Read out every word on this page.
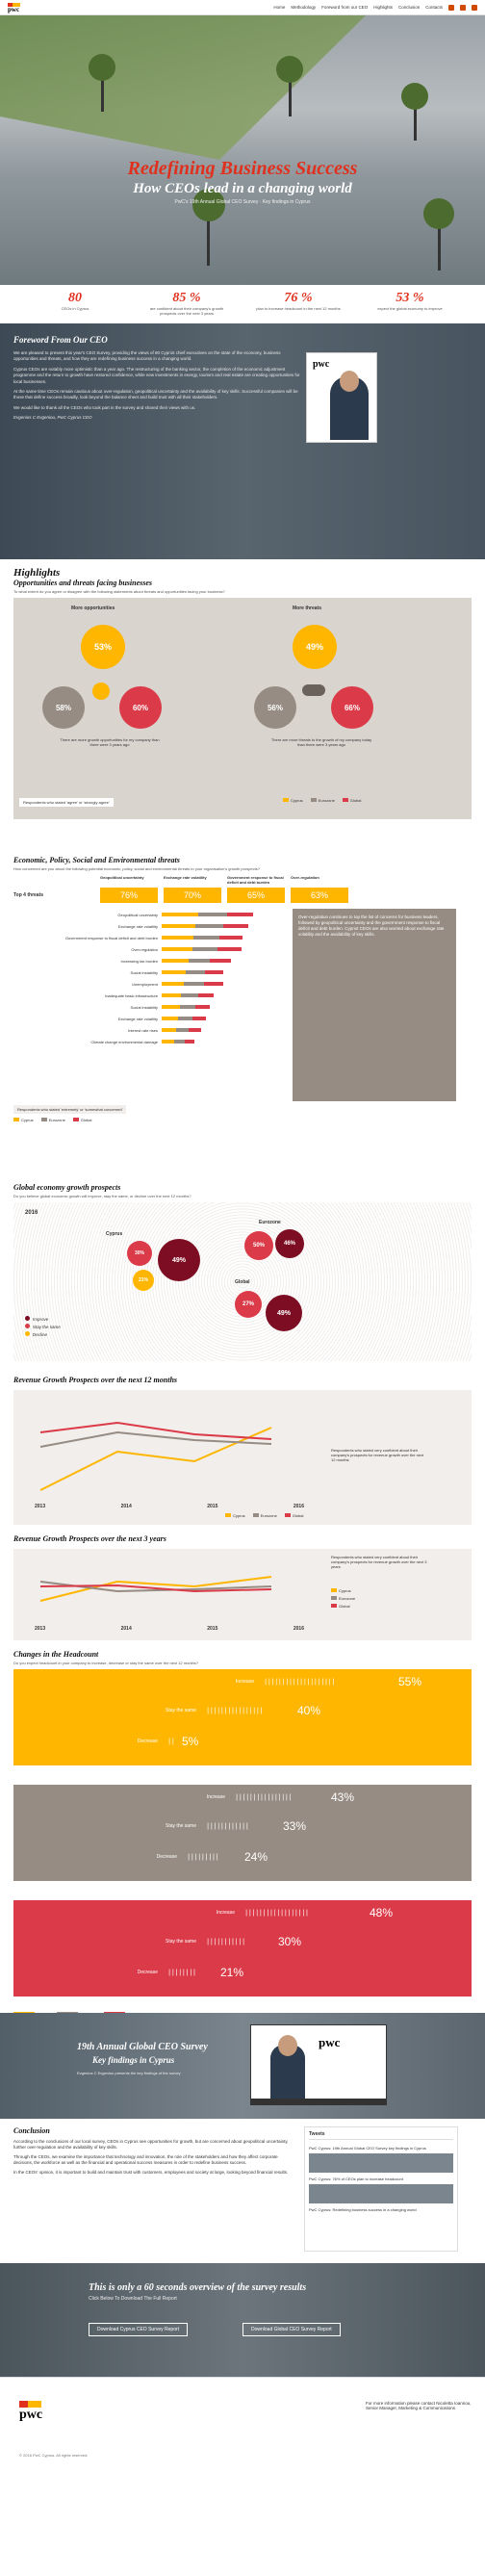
pwc	Home Methodology Foreword from our CEO Highlights Conclusion Contacts
Redefining Business Success
How CEOs lead in a changing world
PwC's 19th Annual Global CEO Survey · Key findings in Cyprus
80
CEOs in Cyprus
85 %
are confident about their company's growth prospects over the next 3 years
76 %
plan to increase headcount in the next 12 months
53 %
expect the global economy to improve
Foreword From Our CEO

We are pleased to present this year's CEO Survey, providing the views of 80 Cypriot chief executives on the state of the economy, business opportunities and threats, and how they are redefining business success in a changing world.

Cyprus CEOs are notably more optimistic than a year ago. The restructuring of the banking sector, the completion of the economic adjustment programme and the return to growth have restored confidence, while new investments in energy, tourism and real estate are creating opportunities for local businesses.

At the same time CEOs remain cautious about over-regulation, geopolitical uncertainty and the availability of key skills. Successful companies will be those that define success broadly, look beyond the balance sheet and build trust with all their stakeholders.

We would like to thank all the CEOs who took part in the survey and shared their views with us.

Evgenios C Evgeniou, PwC Cyprus CEO

pwc
Highlights
Opportunities and threats facing businesses
To what extent do you agree or disagree with the following statements about threats and opportunities facing your business?
More opportunities	More threats
53%
58%	60%
49%
56%	66%
There are more growth opportunities for my company than there were 3 years ago
There are more threats to the growth of my company today than there were 3 years ago
Respondents who stated 'agree' or 'strongly agree'	Cyprus	Eurozone	Global
Economic, Policy, Social and Environmental threats
How concerned are you about the following potential economic, policy, social and environmental threats to your organisation's growth prospects?
Geopolitical uncertainty	Exchange rate volatility	Government response to fiscal deficit and debt burden
Over-regulation
Top 4 threats	76%	70%	65%	63%
Geopolitical uncertainty
Exchange rate volatility
Government response to fiscal deficit and debt burden
Over-regulation
Increasing tax burden
Social instability
Unemployment
Inadequate basic infrastructure
Social instability
Exchange rate volatility
Interest rate rises
Climate change environmental damage
Over-regulation continues to top the list of concerns for business leaders, followed by geopolitical uncertainty and the government response to fiscal deficit and debt burden. Cypriot CEOs are also worried about exchange rate volatility and the availability of key skills.
Respondents who stated 'extremely' or 'somewhat concerned'
Cyprus	Eurozone	Global
Global economy growth prospects
Do you believe global economic growth will improve, stay the same, or decline over the next 12 months?
2016
Cyprus
49%
30%
21%
Eurozone
50%	46%
Global
27%
49%
Improve
Stay the same
Decline
Revenue Growth Prospects over the next 12 months
2013	2014	2015	2016
Respondents who stated very confident about their company's prospects for revenue growth over the next 12 months
Cyprus	Eurozone	Global
Revenue Growth Prospects over the next 3 years
2013	2014	2015	2016
Respondents who stated very confident about their company's prospects for revenue growth over the next 3 years
Cyprus
Eurozone
Global
Changes in the Headcount
Do you expect headcount in your company to increase, decrease or stay the same over the next 12 months?
Increase ||||||||||||||||||||	55%
Stay the same ||||||||||||||||	40%
Decrease || 5%
Increase ||||||||||||||||	43%
Stay the same ||||||||||||	33%
Decrease ||||||||| 24%
Increase ||||||||||||||||||	48%
Stay the same |||||||||||	30%
Decrease |||||||| 21%
19th Annual Global CEO Survey
Key findings in Cyprus
Evgenios C Evgeniou presents the key findings of the survey
pwc
Conclusion

According to the conclusions of our local survey, CEOs in Cyprus see opportunities for growth, but are concerned about geopolitical uncertainty, further over-regulation and the availability of key skills.

Through the CEOs, we examine the importance that technology and innovation, the role of the stakeholders and how they affect corporate decisions, the workforce as well as the financial and operational success measures in order to redefine business success.

In the CEOs' opinion, it is important to build and maintain trust with customers, employees and society at large, looking beyond financial results.

Tweets
PwC Cyprus: 19th Annual Global CEO Survey key findings in Cyprus
PwC Cyprus: 76% of CEOs plan to increase headcount
PwC Cyprus: Redefining business success in a changing world
This is only a 60 seconds overview of the survey results
Click Below To Download The Full Report
Download Cyprus CEO Survey Report	Download Global CEO Survey Report
pwc
For more information please contact Nicoletta Ioannou, Senior Manager, Marketing & Communications
© 2016 PwC Cyprus. All rights reserved.
